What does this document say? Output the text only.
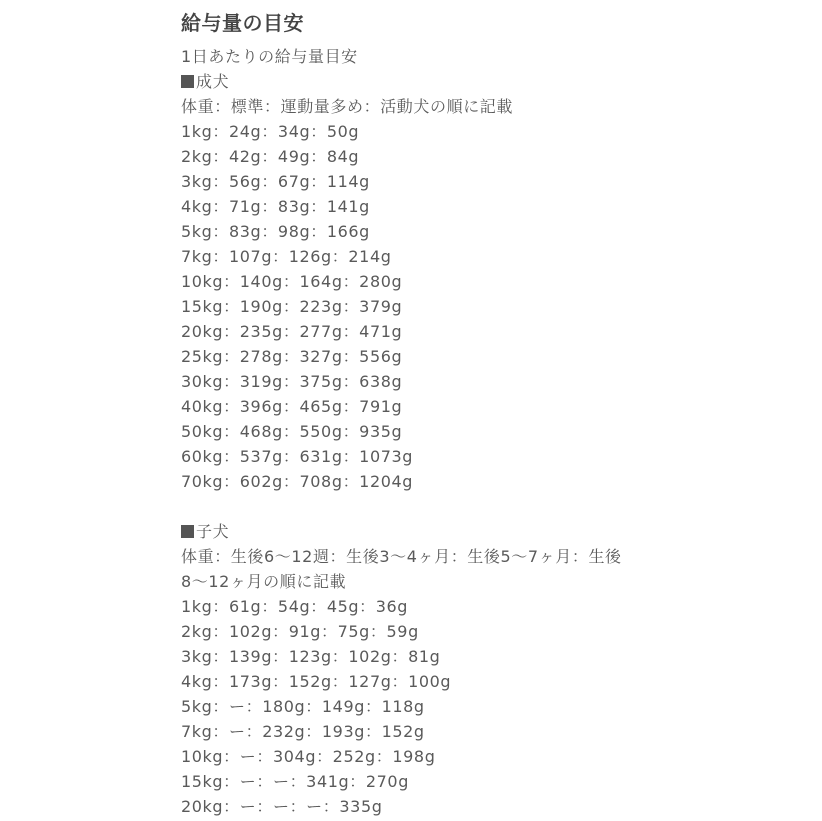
給与量の目安
1日あたりの給与量目安
成犬
体重：標準：運動量多め：活動犬の順に記載
1kg：24g：34g：50g
2kg：42g：49g：84g
3kg：56g：67g：114g
4kg：71g：83g：141g
5kg：83g：98g：166g
7kg：107g：126g：214g
10kg：140g：164g：280g
15kg：190g：223g：379g
20kg：235g：277g：471g
25kg：278g：327g：556g
30kg：319g：375g：638g
40kg：396g：465g：791g
50kg：468g：550g：935g
60kg：537g：631g：1073g
70kg：602g：708g：1204g
子犬
体重：生後6〜12週：生後3〜4ヶ月：生後5〜7ヶ月：生後
8〜12ヶ月の順に記載
1kg：61g：54g：45g：36g
2kg：102g：91g：75g：59g
3kg：139g：123g：102g：81g
4kg：173g：152g：127g：100g
5kg：ー：180g：149g：118g
7kg：ー：232g：193g：152g
10kg：ー：304g：252g：198g
15kg：ー：ー：341g：270g
20kg：ー：ー：ー：335g
